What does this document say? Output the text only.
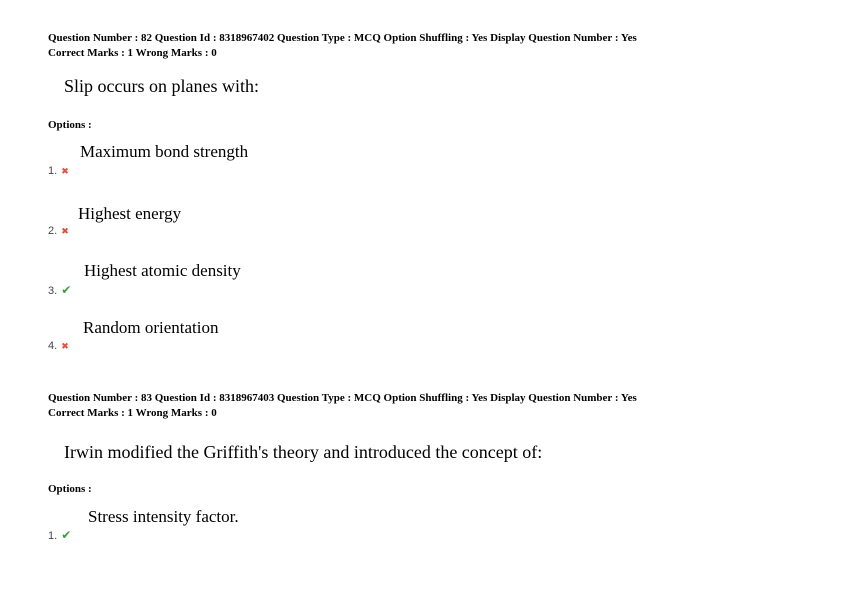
Question Number : 82 Question Id : 8318967402 Question Type : MCQ Option Shuffling : Yes Display Question Number : Yes
Correct Marks : 1 Wrong Marks : 0
Slip occurs on planes with:
Options :
Maximum bond strength
1. ✖
Highest energy
2. ✖
Highest atomic density
3. ✔
Random orientation
4. ✖
Question Number : 83 Question Id : 8318967403 Question Type : MCQ Option Shuffling : Yes Display Question Number : Yes
Correct Marks : 1 Wrong Marks : 0
Irwin modified the Griffith's theory and introduced the concept of:
Options :
Stress intensity factor.
1. ✔
